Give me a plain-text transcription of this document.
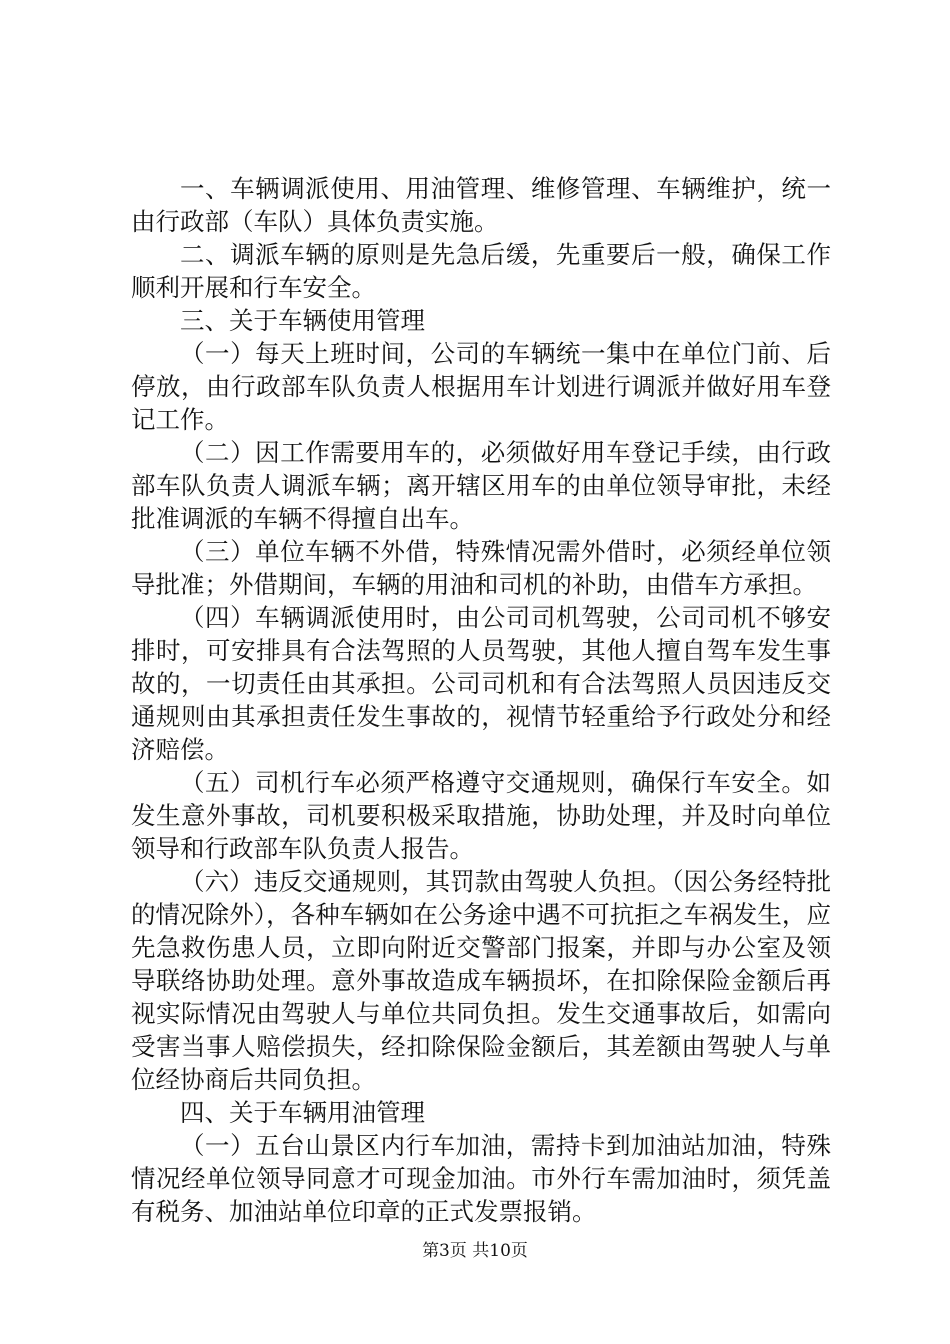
一、车辆调派使用、用油管理、维修管理、车辆维护，统一由行政部（车队）具体负责实施。

二、调派车辆的原则是先急后缓，先重要后一般，确保工作顺利开展和行车安全。

三、关于车辆使用管理

（一）每天上班时间，公司的车辆统一集中在单位门前、后停放，由行政部车队负责人根据用车计划进行调派并做好用车登记工作。

（二）因工作需要用车的，必须做好用车登记手续，由行政部车队负责人调派车辆；离开辖区用车的由单位领导审批，未经批准调派的车辆不得擅自出车。

（三）单位车辆不外借，特殊情况需外借时，必须经单位领导批准；外借期间，车辆的用油和司机的补助，由借车方承担。

（四）车辆调派使用时，由公司司机驾驶，公司司机不够安排时，可安排具有合法驾照的人员驾驶，其他人擅自驾车发生事故的，一切责任由其承担。公司司机和有合法驾照人员因违反交通规则由其承担责任发生事故的，视情节轻重给予行政处分和经济赔偿。

（五）司机行车必须严格遵守交通规则，确保行车安全。如发生意外事故，司机要积极采取措施，协助处理，并及时向单位领导和行政部车队负责人报告。

（六）违反交通规则，其罚款由驾驶人负担。（因公务经特批的情况除外），各种车辆如在公务途中遇不可抗拒之车祸发生，应先急救伤患人员，立即向附近交警部门报案，并即与办公室及领导联络协助处理。意外事故造成车辆损坏，在扣除保险金额后再视实际情况由驾驶人与单位共同负担。发生交通事故后，如需向受害当事人赔偿损失，经扣除保险金额后，其差额由驾驶人与单位经协商后共同负担。

四、关于车辆用油管理

（一）五台山景区内行车加油，需持卡到加油站加油，特殊情况经单位领导同意才可现金加油。市外行车需加油时，须凭盖有税务、加油站单位印章的正式发票报销。

第3页 共10页
